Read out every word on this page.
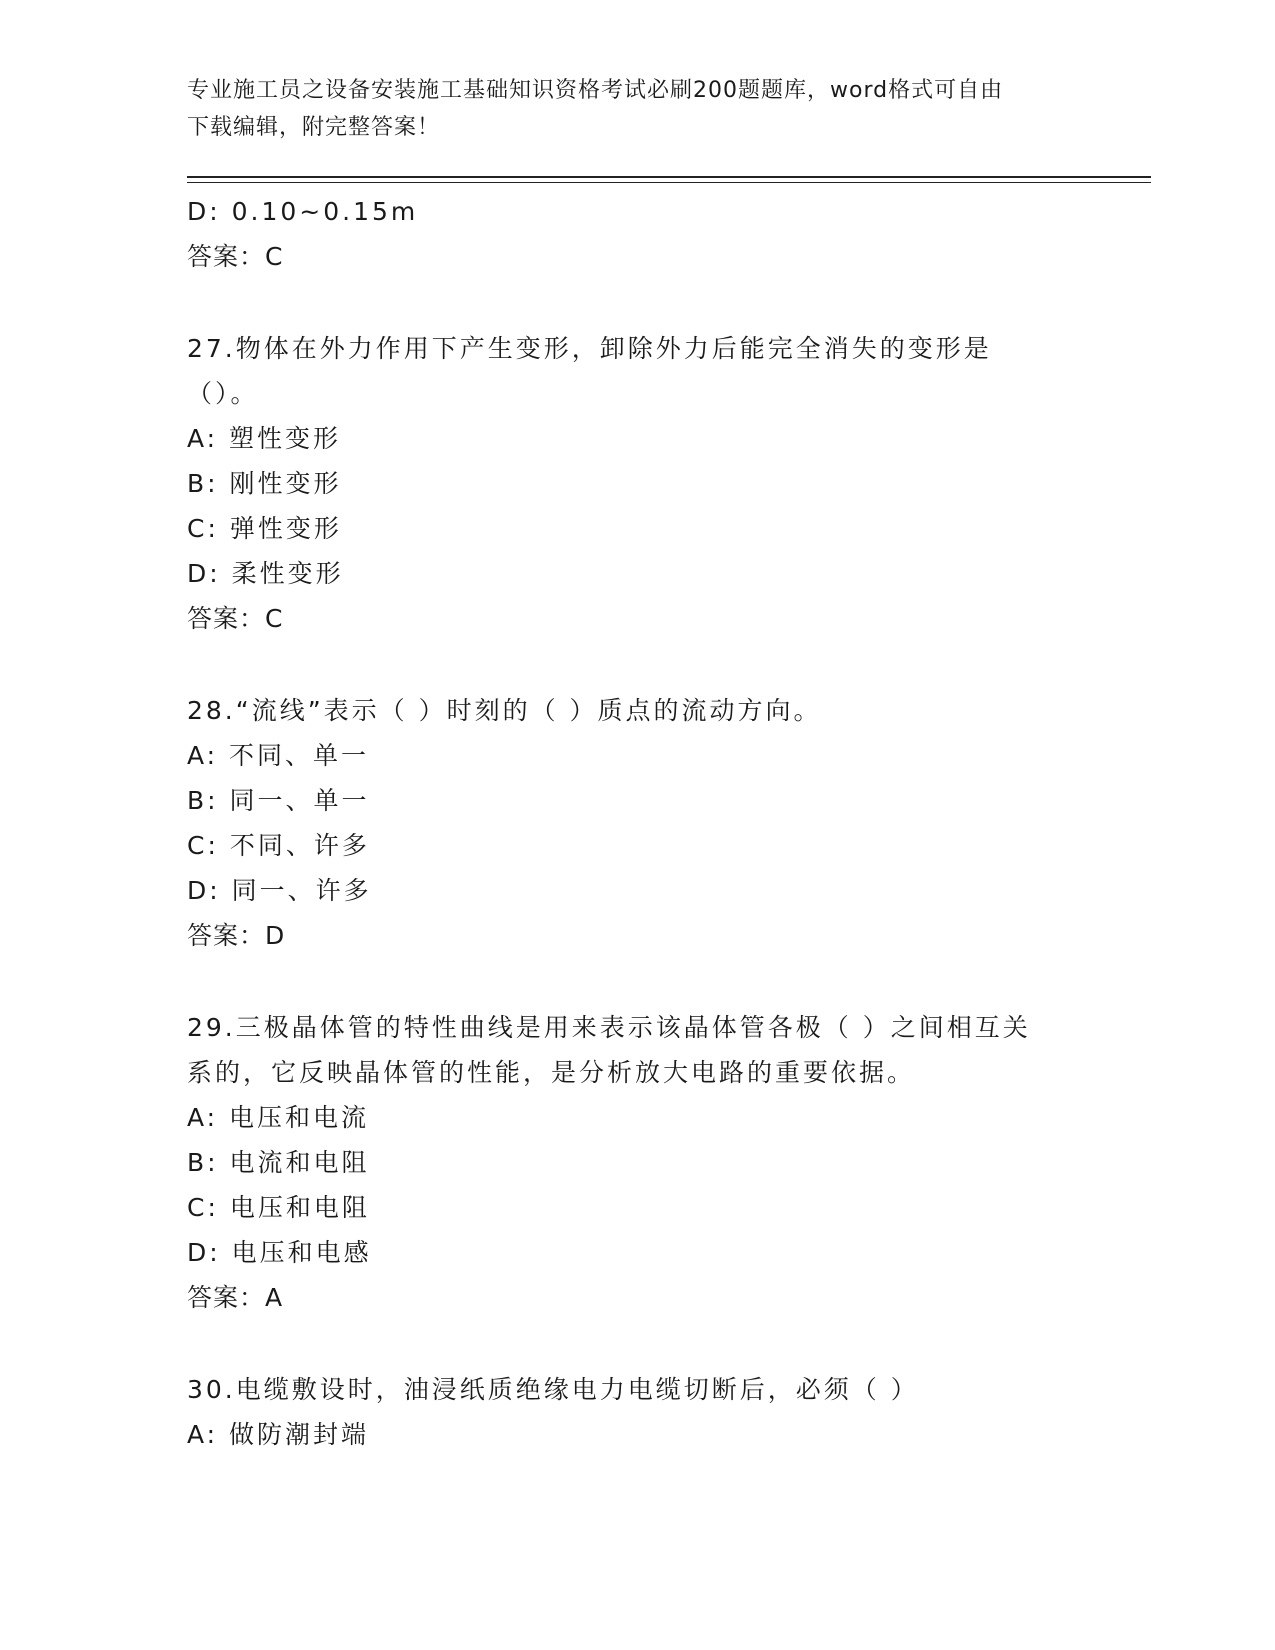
专业施工员之设备安装施工基础知识资格考试必刷200题题库，word格式可自由
下载编辑，附完整答案！
D: 0.10~0.15m
答案：C
27.物体在外力作用下产生变形，卸除外力后能完全消失的变形是（）。
A: 塑性变形
B: 刚性变形
C: 弹性变形
D: 柔性变形
答案：C
28.“流线”表示（ ）时刻的（ ）质点的流动方向。
A: 不同、单一
B: 同一、单一
C: 不同、许多
D: 同一、许多
答案：D
29.三极晶体管的特性曲线是用来表示该晶体管各极（ ）之间相互关系的，它反映晶体管的性能，是分析放大电路的重要依据。
A: 电压和电流
B: 电流和电阻
C: 电压和电阻
D: 电压和电感
答案：A
30.电缆敷设时，油浸纸质绝缘电力电缆切断后，必须（ ）
A: 做防潮封端
